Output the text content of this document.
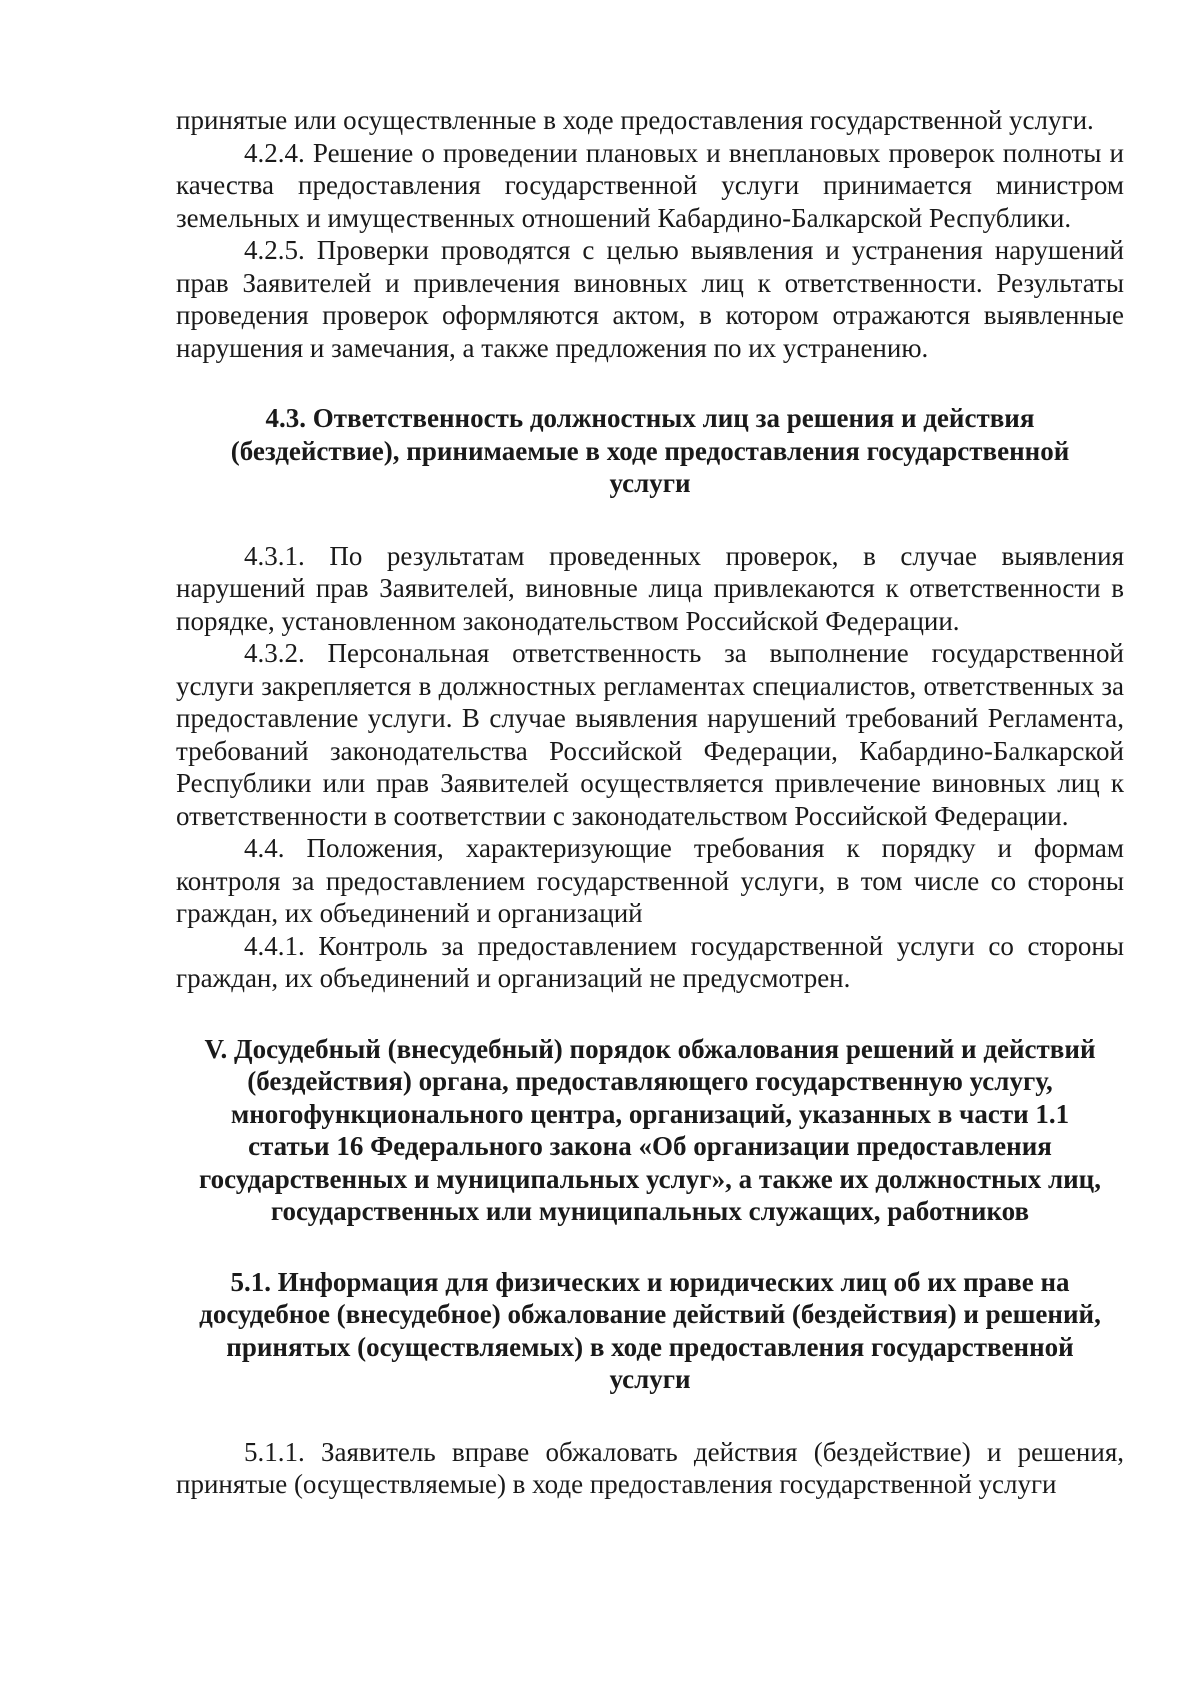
принятые или осуществленные в ходе предоставления государственной услуги.

4.2.4. Решение о проведении плановых и внеплановых проверок полноты и качества предоставления государственной услуги принимается министром земельных и имущественных отношений Кабардино-Балкарской Республики.

4.2.5. Проверки проводятся с целью выявления и устранения нарушений прав Заявителей и привлечения виновных лиц к ответственности. Результаты проведения проверок оформляются актом, в котором отражаются выявленные нарушения и замечания, а также предложения по их устранению.

4.3. Ответственность должностных лиц за решения и действия (бездействие), принимаемые в ходе предоставления государственной услуги

4.3.1. По результатам проведенных проверок, в случае выявления нарушений прав Заявителей, виновные лица привлекаются к ответственности в порядке, установленном законодательством Российской Федерации.

4.3.2. Персональная ответственность за выполнение государственной услуги закрепляется в должностных регламентах специалистов, ответственных за предоставление услуги. В случае выявления нарушений требований Регламента, требований законодательства Российской Федерации, Кабардино-Балкарской Республики или прав Заявителей осуществляется привлечение виновных лиц к ответственности в соответствии с законодательством Российской Федерации.

4.4. Положения, характеризующие требования к порядку и формам контроля за предоставлением государственной услуги, в том числе со стороны граждан, их объединений и организаций

4.4.1. Контроль за предоставлением государственной услуги со стороны граждан, их объединений и организаций не предусмотрен.

V. Досудебный (внесудебный) порядок обжалования решений и действий (бездействия) органа, предоставляющего государственную услугу, многофункционального центра, организаций, указанных в части 1.1 статьи 16 Федерального закона «Об организации предоставления государственных и муниципальных услуг», а также их должностных лиц, государственных или муниципальных служащих, работников

5.1. Информация для физических и юридических лиц об их праве на досудебное (внесудебное) обжалование действий (бездействия) и решений, принятых (осуществляемых) в ходе предоставления государственной услуги

5.1.1. Заявитель вправе обжаловать действия (бездействие) и решения, принятые (осуществляемые) в ходе предоставления государственной услуги
